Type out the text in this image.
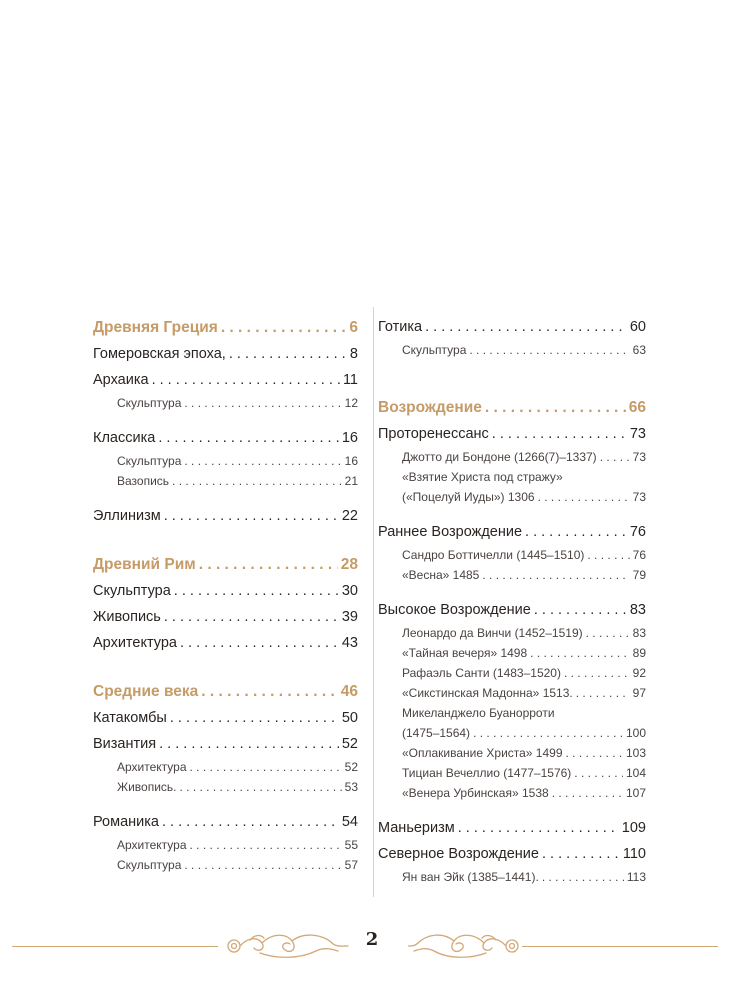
Древняя Греция . . .	6
Гомеровская эпоха, . . .	8
Архаика . . .	11
Скульптура . . .	12
Классика . . .	16
Скульптура . . .	16
Вазопись . . .	21
Эллинизм . . .	22
Древний Рим . . .	28
Скульптура . . .	30
Живопись . . .	39
Архитектура . . .	43
Средние века . . .	46
Катакомбы . . .	50
Византия . . .	52
Архитектура . . .	52
Живопись. . . .	53
Романика . . .	54
Архитектура . . .	55
Скульптура . . .	57
Готика . . .	60
Скульптура . . .	63
Возрождение . . .	66
Проторенессанс . . .	73
Джотто ди Бондоне (1266(7)–1337) . . .	73
«Взятие Христа под стражу»
(«Поцелуй Иуды») 1306 . . .	73
Раннее Возрождение . . .	76
Сандро Боттичелли (1445–1510) . . .	76
«Весна» 1485 . . .	79
Высокое Возрождение . . .	83
Леонардо да Винчи (1452–1519) . . .	83
«Тайная вечеря» 1498 . . .	89
Рафаэль Санти (1483–1520) . . .	92
«Сикстинская Мадонна» 1513. . . .	97
Микеланджело Буанорроти
(1475–1564) . . .	100
«Оплакивание Христа» 1499 . . .	103
Тициан Вечеллио (1477–1576) . . .	104
«Венера Урбинская» 1538 . . .	107
Маньеризм . . .	109
Северное Возрождение . . .	110
Ян ван Эйк (1385–1441). . . .	113
2
